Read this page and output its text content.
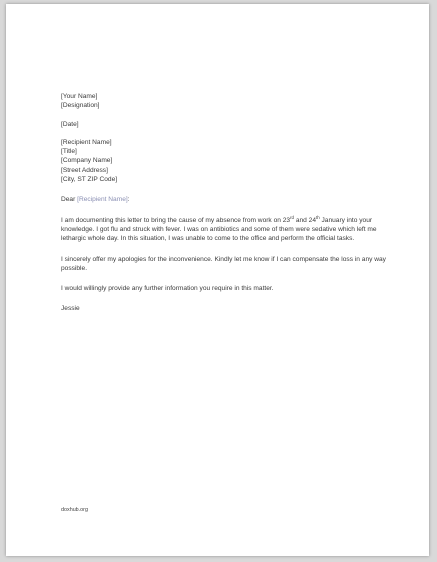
[Your Name]
[Designation]
[Date]
[Recipient Name]
[Title]
[Company Name]
[Street Address]
[City, ST ZIP Code]

Dear [Recipient Name]:

I am documenting this letter to bring the cause of my absence from work on 23rd and 24th January into your knowledge. I got flu and struck with fever. I was on antibiotics and some of them were sedative which left me lethargic whole day. In this situation, I was unable to come to the office and perform the official tasks.

I sincerely offer my apologies for the inconvenience. Kindly let me know if I can compensate the loss in any way possible.

I would willingly provide any further information you require in this matter.

Jessie
doxhub.org
